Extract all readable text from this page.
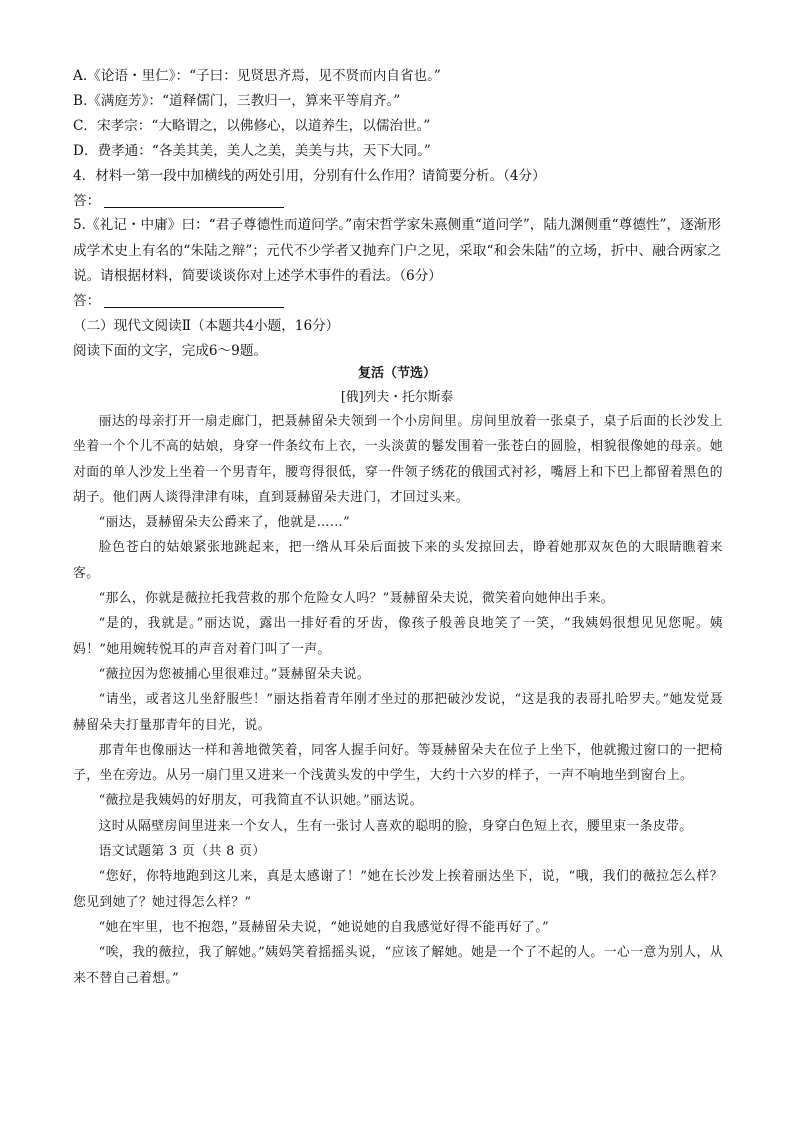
A.《论语・里仁》：“子曰：见贤思齐焉，见不贤而内自省也。”
B.《满庭芳》：“道释儒门，三教归一，算来平等肩齐。”
C．宋孝宗：“大略谓之，以佛修心，以道养生，以儒治世。”
D．费孝通：“各美其美，美人之美，美美与共，天下大同。”
4．材料一第一段中加横线的两处引用，分别有什么作用？请简要分析。（4分）
答：
5.《礼记・中庸》曰：“君子尊德性而道问学。”南宋哲学家朱熹侧重“道问学”，陆九渊侧重“尊德性”，逐渐形成学术史上有名的“朱陆之辩”；元代不少学者又抛弃门户之见，采取“和会朱陆”的立场，折中、融合两家之说。请根据材料，简要谈谈你对上述学术事件的看法。（6分）
答：
（二）现代文阅读Ⅱ（本题共4小题，16分）
阅读下面的文字，完成6～9题。
复活（节选）
[俄]列夫・托尔斯泰

丽达的母亲打开一扇走廊门，把聂赫留朵夫领到一个小房间里。房间里放着一张桌子，桌子后面的长沙发上坐着一个个儿不高的姑娘，身穿一件条纹布上衣，一头淡黄的鬈发围着一张苍白的圆脸，相貌很像她的母亲。她对面的单人沙发上坐着一个男青年，腰弯得很低，穿一件领子绣花的俄国式衬衫，嘴唇上和下巴上都留着黑色的胡子。他们两人谈得津津有味，直到聂赫留朵夫进门，才回过头来。

“丽达，聂赫留朵夫公爵来了，他就是……”

脸色苍白的姑娘紧张地跳起来，把一绺从耳朵后面披下来的头发掠回去，睁着她那双灰色的大眼睛瞧着来客。

“那么，你就是薇拉托我营救的那个危险女人吗？”聂赫留朵夫说，微笑着向她伸出手来。

“是的，我就是。”丽达说，露出一排好看的牙齿，像孩子般善良地笑了一笑，“我姨妈很想见见您呢。姨妈！”她用婉转悦耳的声音对着门叫了一声。

“薇拉因为您被捕心里很难过。”聂赫留朵夫说。

“请坐，或者这儿坐舒服些！”丽达指着青年刚才坐过的那把破沙发说，“这是我的表哥扎哈罗夫。”她发觉聂赫留朵夫打量那青年的目光，说。

那青年也像丽达一样和善地微笑着，同客人握手问好。等聂赫留朵夫在位子上坐下，他就搬过窗口的一把椅子，坐在旁边。从另一扇门里又进来一个浅黄头发的中学生，大约十六岁的样子，一声不响地坐到窗台上。

“薇拉是我姨妈的好朋友，可我简直不认识她。”丽达说。

这时从隔壁房间里进来一个女人，生有一张讨人喜欢的聪明的脸，身穿白色短上衣，腰里束一条皮带。

语文试题第 3 页（共 8 页）

“您好，你特地跑到这儿来，真是太感谢了！”她在长沙发上挨着丽达坐下，说，“哦，我们的薇拉怎么样？您见到她了？她过得怎么样？”

“她在牢里，也不抱怨，”聂赫留朵夫说，“她说她的自我感觉好得不能再好了。”

“唉，我的薇拉，我了解她。”姨妈笑着摇摇头说，“应该了解她。她是一个了不起的人。一心一意为别人，从来不替自己着想。”
